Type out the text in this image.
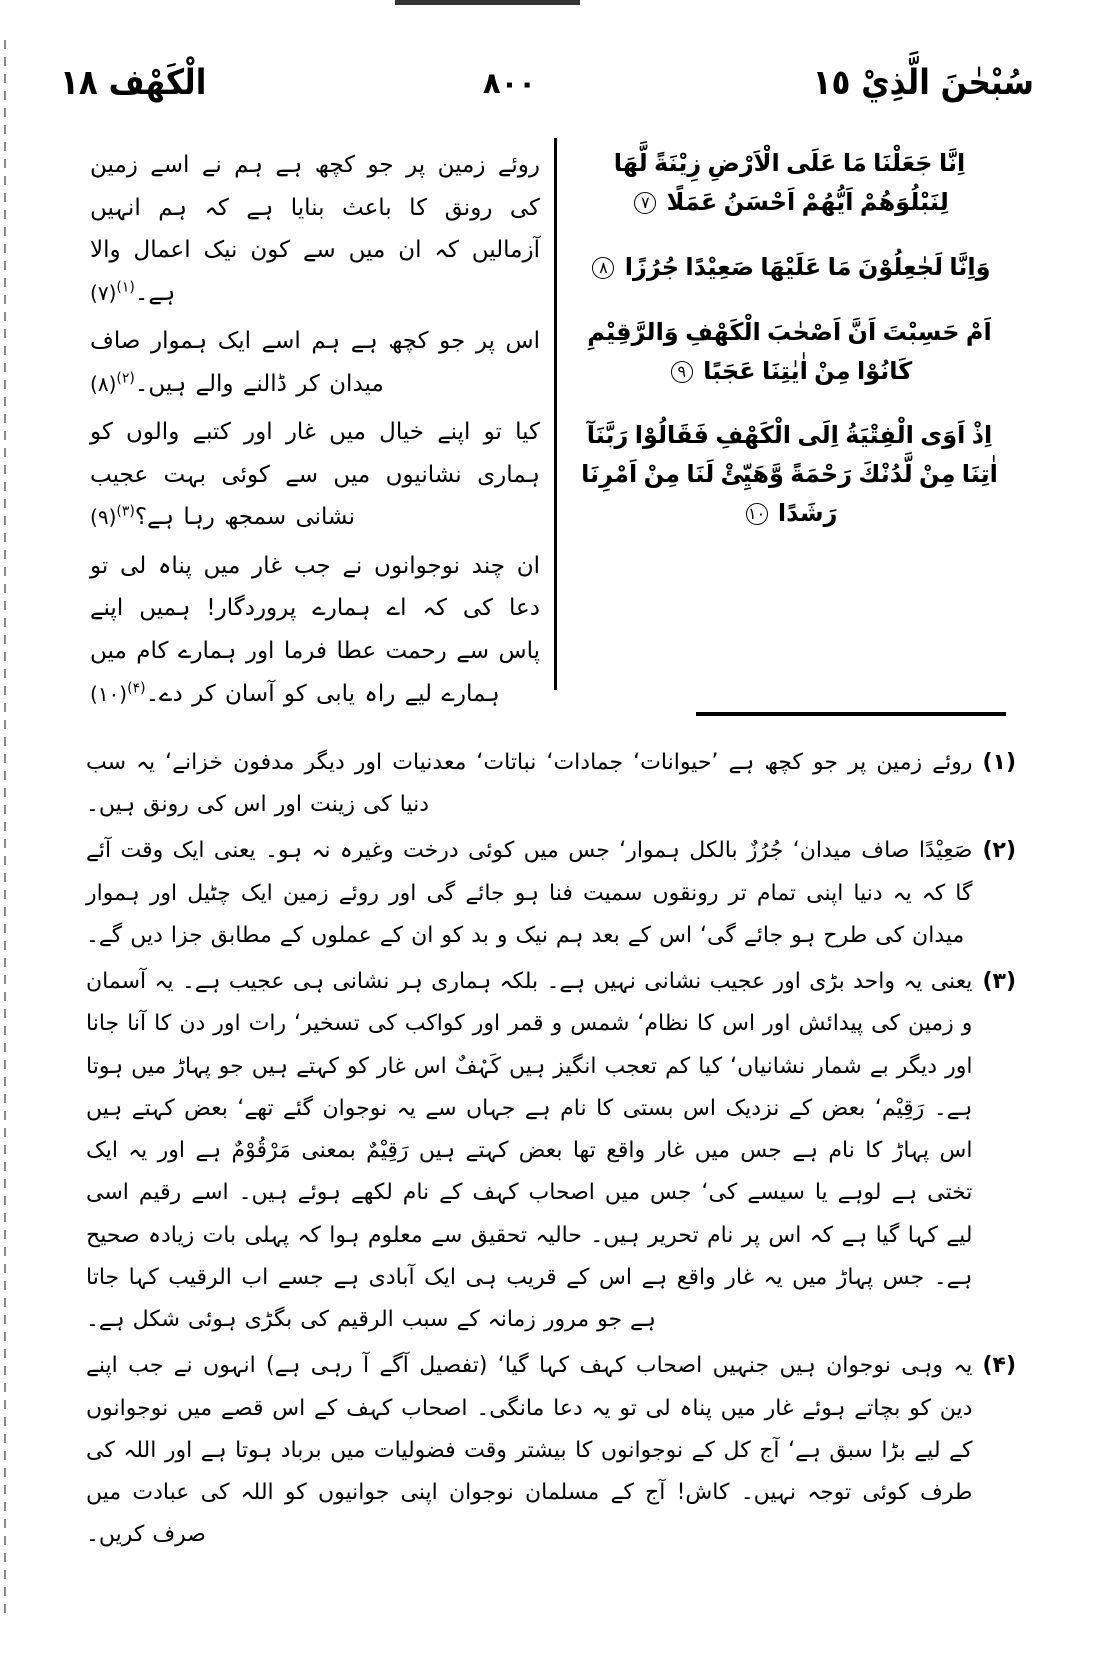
سُبْحٰنَ الَّذِيْ ١٥
٨٠٠
الْكَهْف ١٨

اِنَّا جَعَلْنَا مَا عَلَى الْاَرْضِ زِيْنَةً لَّهَا لِنَبْلُوَهُمْ اَيُّهُمْ اَحْسَنُ عَمَلًا ٧

وَاِنَّا لَجٰعِلُوْنَ مَا عَلَيْهَا صَعِيْدًا جُرُزًا ٨

اَمْ حَسِبْتَ اَنَّ اَصْحٰبَ الْكَهْفِ وَالرَّقِيْمِ كَانُوْا مِنْ اٰيٰتِنَا عَجَبًا ٩

اِذْ اَوَى الْفِتْيَةُ اِلَى الْكَهْفِ فَقَالُوْا رَبَّنَآ اٰتِنَا مِنْ لَّدُنْكَ رَحْمَةً وَّهَيِّئْ لَنَا مِنْ اَمْرِنَا رَشَدًا ١٠

روئے زمین پر جو کچھ ہے ہم نے اسے زمین کی رونق کا باعث بنایا ہے کہ ہم انہیں آزمالیں کہ ان میں سے کون نیک اعمال والا ہے۔$^{(۱)}$(۷)

اس پر جو کچھ ہے ہم اسے ایک ہموار صاف میدان کر ڈالنے والے ہیں۔$^{(۲)}$(۸)

کیا تو اپنے خیال میں غار اور کتبے والوں کو ہماری نشانیوں میں سے کوئی بہت عجیب نشانی سمجھ رہا ہے؟$^{(۳)}$(۹)

ان چند نوجوانوں نے جب غار میں پناہ لی تو دعا کی کہ اے ہمارے پروردگار! ہمیں اپنے پاس سے رحمت عطا فرما اور ہمارے کام میں ہمارے لیے راہ یابی کو آسان کر دے۔$^{(۴)}$(۱۰)

(۱)
روئے زمین پر جو کچھ ہے ’حیوانات‘ جمادات‘ نباتات‘ معدنیات اور دیگر مدفون خزانے‘ یہ سب دنیا کی زینت اور اس کی رونق ہیں۔
(۲)
صَعِیْدًا صاف میدان‘ جُرُزٌ بالکل ہموار‘ جس میں کوئی درخت وغیرہ نہ ہو۔ یعنی ایک وقت آئے گا کہ یہ دنیا اپنی تمام تر رونقوں سمیت فنا ہو جائے گی اور روئے زمین ایک چٹیل اور ہموار میدان کی طرح ہو جائے گی‘ اس کے بعد ہم نیک و بد کو ان کے عملوں کے مطابق جزا دیں گے۔
(۳)
یعنی یہ واحد بڑی اور عجیب نشانی نہیں ہے۔ بلکہ ہماری ہر نشانی ہی عجیب ہے۔ یہ آسمان و زمین کی پیدائش اور اس کا نظام‘ شمس و قمر اور کواکب کی تسخیر‘ رات اور دن کا آنا جانا اور دیگر بے شمار نشانیاں‘ کیا کم تعجب انگیز ہیں کَہْفٌ اس غار کو کہتے ہیں جو پہاڑ میں ہوتا ہے۔ رَقِیْم‘ بعض کے نزدیک اس بستی کا نام ہے جہاں سے یہ نوجوان گئے تھے‘ بعض کہتے ہیں اس پہاڑ کا نام ہے جس میں غار واقع تھا بعض کہتے ہیں رَقِیْمٌ بمعنی مَرْقُوْمٌ ہے اور یہ ایک تختی ہے لوہے یا سیسے کی‘ جس میں اصحاب کہف کے نام لکھے ہوئے ہیں۔ اسے رقیم اسی لیے کہا گیا ہے کہ اس پر نام تحریر ہیں۔ حالیہ تحقیق سے معلوم ہوا کہ پہلی بات زیادہ صحیح ہے۔ جس پہاڑ میں یہ غار واقع ہے اس کے قریب ہی ایک آبادی ہے جسے اب الرقیب کہا جاتا ہے جو مرور زمانہ کے سبب الرقیم کی بگڑی ہوئی شکل ہے۔
(۴)
یہ وہی نوجوان ہیں جنہیں اصحاب کہف کہا گیا‘ (تفصیل آگے آ رہی ہے) انہوں نے جب اپنے دین کو بچاتے ہوئے غار میں پناہ لی تو یہ دعا مانگی۔ اصحاب کہف کے اس قصے میں نوجوانوں کے لیے بڑا سبق ہے‘ آج کل کے نوجوانوں کا بیشتر وقت فضولیات میں برباد ہوتا ہے اور اللہ کی طرف کوئی توجہ نہیں۔ کاش! آج کے مسلمان نوجوان اپنی جوانیوں کو اللہ کی عبادت میں صرف کریں۔
